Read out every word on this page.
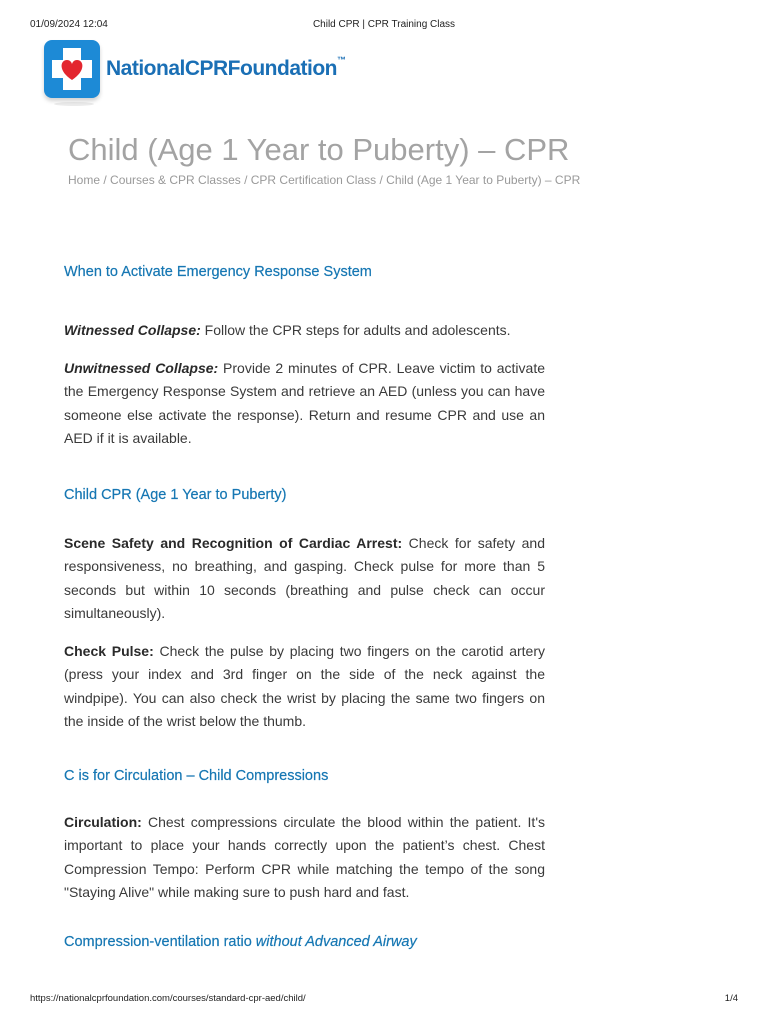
01/09/2024 12:04	Child CPR | CPR Training Class
NationalCPRFoundation™
Child (Age 1 Year to Puberty) – CPR
Home / Courses & CPR Classes / CPR Certification Class / Child (Age 1 Year to Puberty) – CPR
When to Activate Emergency Response System

Witnessed Collapse: Follow the CPR steps for adults and adolescents.

Unwitnessed Collapse: Provide 2 minutes of CPR. Leave victim to activate the Emergency Response System and retrieve an AED (unless you can have someone else activate the response). Return and resume CPR and use an AED if it is available.

Child CPR (Age 1 Year to Puberty)

Scene Safety and Recognition of Cardiac Arrest: Check for safety and responsiveness, no breathing, and gasping. Check pulse for more than 5 seconds but within 10 seconds (breathing and pulse check can occur simultaneously).

Check Pulse: Check the pulse by placing two fingers on the carotid artery (press your index and 3rd finger on the side of the neck against the windpipe). You can also check the wrist by placing the same two fingers on the inside of the wrist below the thumb.

C is for Circulation – Child Compressions

Circulation: Chest compressions circulate the blood within the patient. It's important to place your hands correctly upon the patient’s chest. Chest Compression Tempo: Perform CPR while matching the tempo of the song "Staying Alive" while making sure to push hard and fast.

Compression-ventilation ratio without Advanced Airway
https://nationalcprfoundation.com/courses/standard-cpr-aed/child/	1/4
